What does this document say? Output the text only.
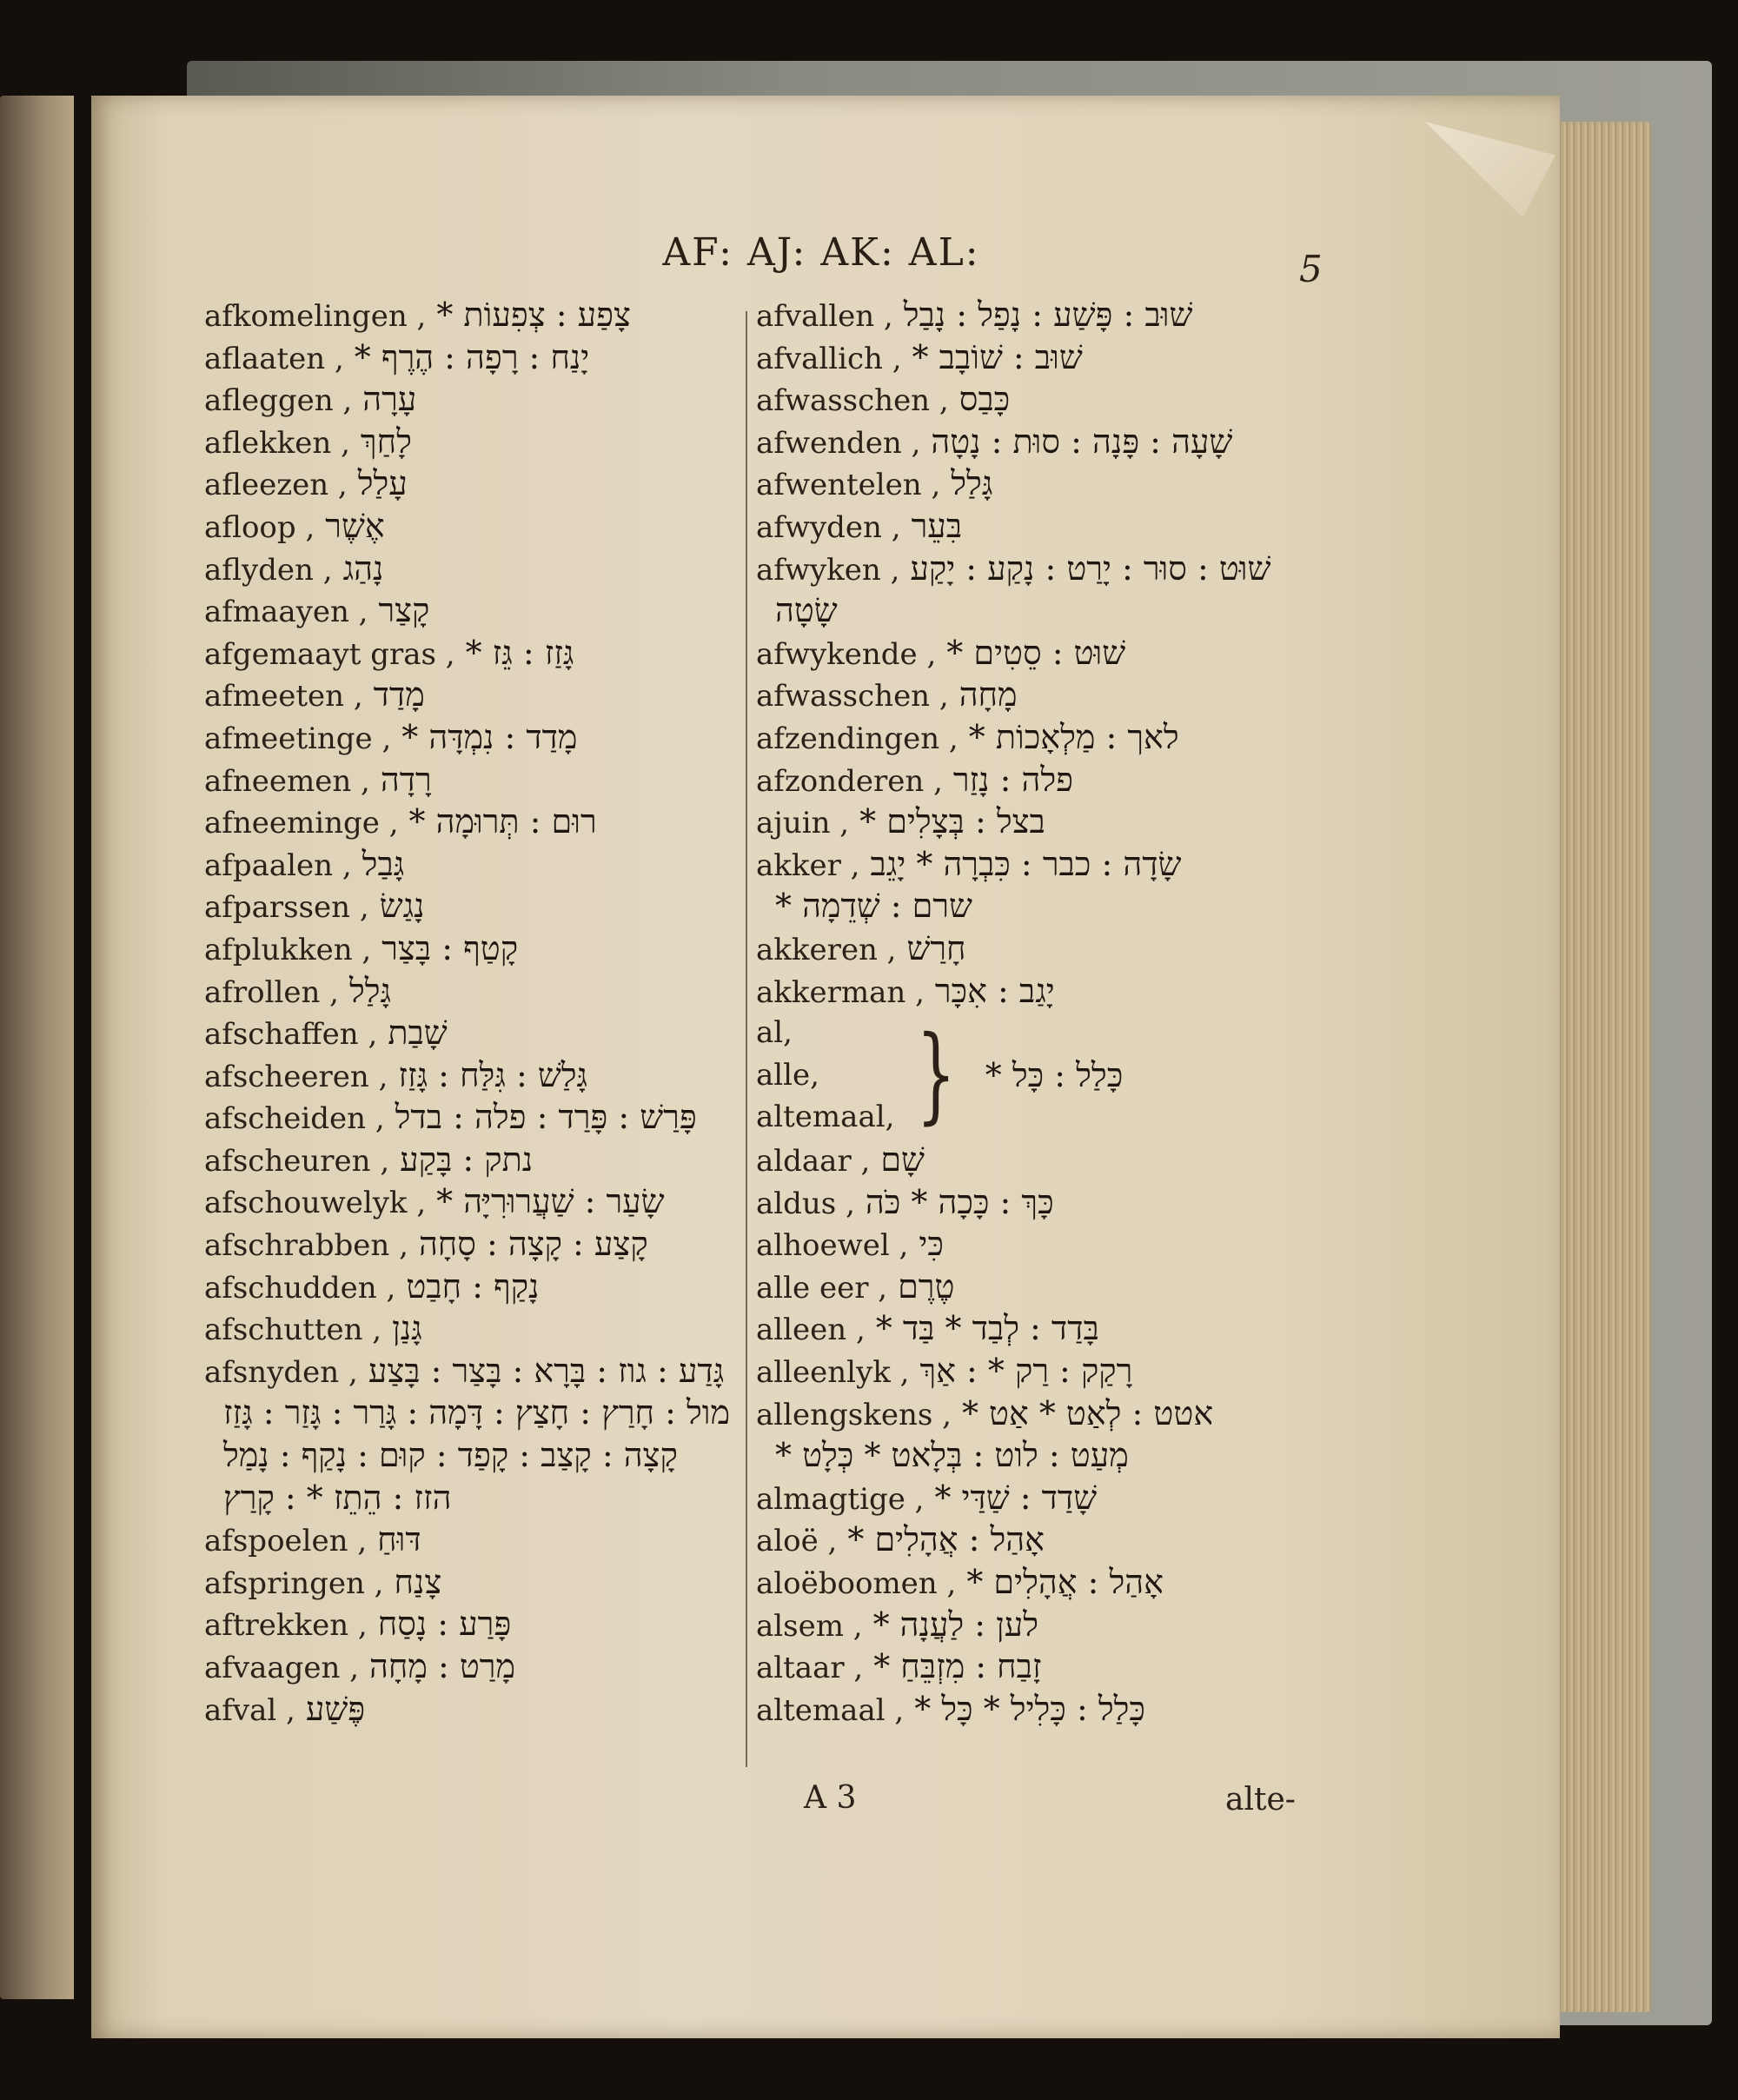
AF: AJ: AK: AL:	5
afkomelingen , צָפַע : צְפִעוֹת *
aflaaten , יָנַח : רָפָה : הֶרֶף *
afleggen , עָרָה
aflekken , לָחַךְ
afleezen , עָלַל
afloop , אֶשֶׁר
aflyden , נָהַג
afmaayen , קָצַר
afgemaayt gras , גָּזַז : גֵּז *
afmeeten , מָדַד
afmeetinge , מָדַד : נִמְדָּה *
afneemen , רָדָה
afneeminge , רוּם : תְּרוּמָה *
afpaalen , גָּבַל
afparssen , נָגַשׂ
afplukken , קָטַף : בָּצַר
afrollen , גָּלַל
afschaffen , שָׁבַת
afscheeren , גָּלַשׁ : גִּלַּח : גָּזַז
afscheiden , פָּרַשׁ : פָּרַד : פלה : בדל
afscheuren , נתק : בָּקַע
afschouwelyk , שָׂעַר : שַׁעֲרוּרִיָּה *
afschrabben , קָצַע : קָצָה : סָחָה
afschudden , נָקַף : חָבַט
afschutten , גָּנַן
afsnyden , גָּדַע : גוז : בָּרָא : בָּצַר : בָּצַע
מול : חָרַץ : חָצַץ : דָּמָה : גָּרַר : גָּזַר : גָּזַז
קָצָה : קָצַב : קָפַד : קוּם : נָקַף : נָמַל
הזז : הֵתֵז * : קָרַץ
afspoelen , דּוּחַ
afspringen , צָנַח
aftrekken , פָּרַע : נָסַח
afvaagen , מָרַט : מָחָה
afval , פֶּשַׁע
afvallen , שׁוּב : פָּשַׁע : נָפַל : נָבַל
afvallich , שׁוּב : שׁוֹבָב *
afwasschen , כָּבַס
afwenden , שָׁעָה : פָּנָה : סוּת : נָטָה
afwentelen , גָּלַל
afwyden , בִּעֵר
afwyken , שׁוּט : סוּר : יָרַט : נָקַע : יָקַע
שָׂטָה
afwykende , שׁוּט : סֵטִים *
afwasschen , מָחָה
afzendingen , לאך : מַלְאָכוֹת *
afzonderen , פלה : נָזַר
ajuin , בצל : בְּצָלִים *
akker , שָׂדָה : כבר : כִּבְרָה * יָגֵב
שרם : שְׁדֵמָה *
akkeren , חָרַשׁ
akkerman , יָגַב : אִכָּר
al,
alle,
altemaal, } כָּלַל : כָּל *
aldaar , שָׁם
aldus , כָּךְ : כָּכָה * כֹּה
alhoewel , כִּי
alle eer , טֶרֶם
alleen , בָּדַד : לְבַד * בַּד *
alleenlyk , רָקַק : רַק * : אַךְ
allengskens , אטט : לְאַט * אַט *
מְעַט : לוט : בְּלָאט * כְּלָט *
almagtige , שָׁדַד : שַׁדַּי *
aloë , אָהַל : אֲהָלִים *
aloëboomen , אָהַל : אֲהָלִים *
alsem , לען : לַעֲנָה *
altaar , זָבַח : מִזְבֵּחַ *
altemaal , כָּלַל : כָּלִיל * כָּל *
A 3	alte-
